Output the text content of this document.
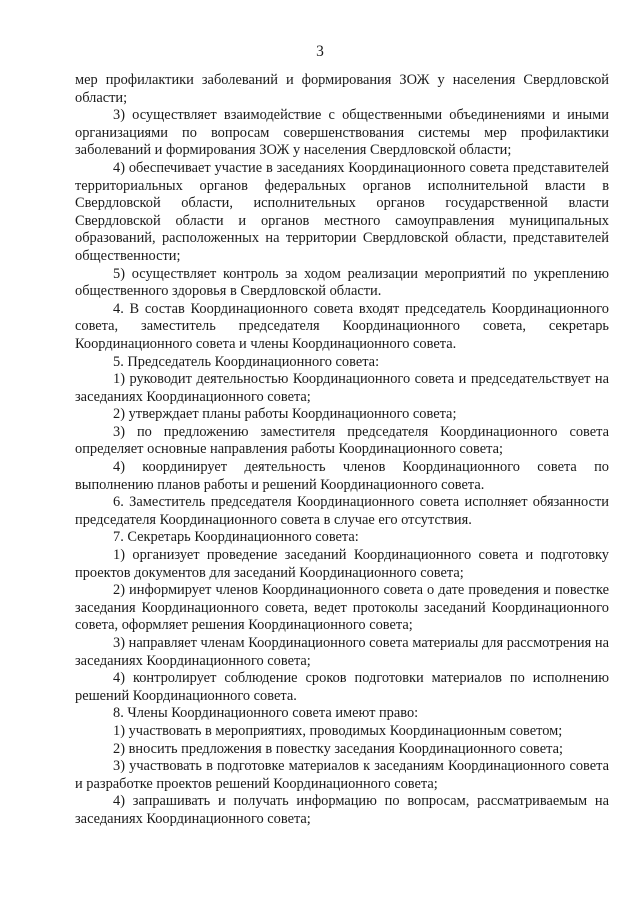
3

мер профилактики заболеваний и формирования ЗОЖ у населения Свердловской области;

3) осуществляет взаимодействие с общественными объединениями и иными организациями по вопросам совершенствования системы мер профилактики заболеваний и формирования ЗОЖ у населения Свердловской области;

4) обеспечивает участие в заседаниях Координационного совета представителей территориальных органов федеральных органов исполнительной власти в Свердловской области, исполнительных органов государственной власти Свердловской области и органов местного самоуправления муниципальных образований, расположенных на территории Свердловской области, представителей общественности;

5) осуществляет контроль за ходом реализации мероприятий по укреплению общественного здоровья в Свердловской области.

4. В состав Координационного совета входят председатель Координационного совета, заместитель председателя Координационного совета, секретарь Координационного совета и члены Координационного совета.

5. Председатель Координационного совета:

1) руководит деятельностью Координационного совета и председательствует на заседаниях Координационного совета;

2) утверждает планы работы Координационного совета;

3) по предложению заместителя председателя Координационного совета определяет основные направления работы Координационного совета;

4) координирует деятельность членов Координационного совета по выполнению планов работы и решений Координационного совета.

6. Заместитель председателя Координационного совета исполняет обязанности председателя Координационного совета в случае его отсутствия.

7. Секретарь Координационного совета:

1) организует проведение заседаний Координационного совета и подготовку проектов документов для заседаний Координационного совета;

2) информирует членов Координационного совета о дате проведения и повестке заседания Координационного совета, ведет протоколы заседаний Координационного совета, оформляет решения Координационного совета;

3) направляет членам Координационного совета материалы для рассмотрения на заседаниях Координационного совета;

4) контролирует соблюдение сроков подготовки материалов по исполнению решений Координационного совета.

8. Члены Координационного совета имеют право:

1) участвовать в мероприятиях, проводимых Координационным советом;

2) вносить предложения в повестку заседания Координационного совета;

3) участвовать в подготовке материалов к заседаниям Координационного совета и разработке проектов решений Координационного совета;

4) запрашивать и получать информацию по вопросам, рассматриваемым на заседаниях Координационного совета;
